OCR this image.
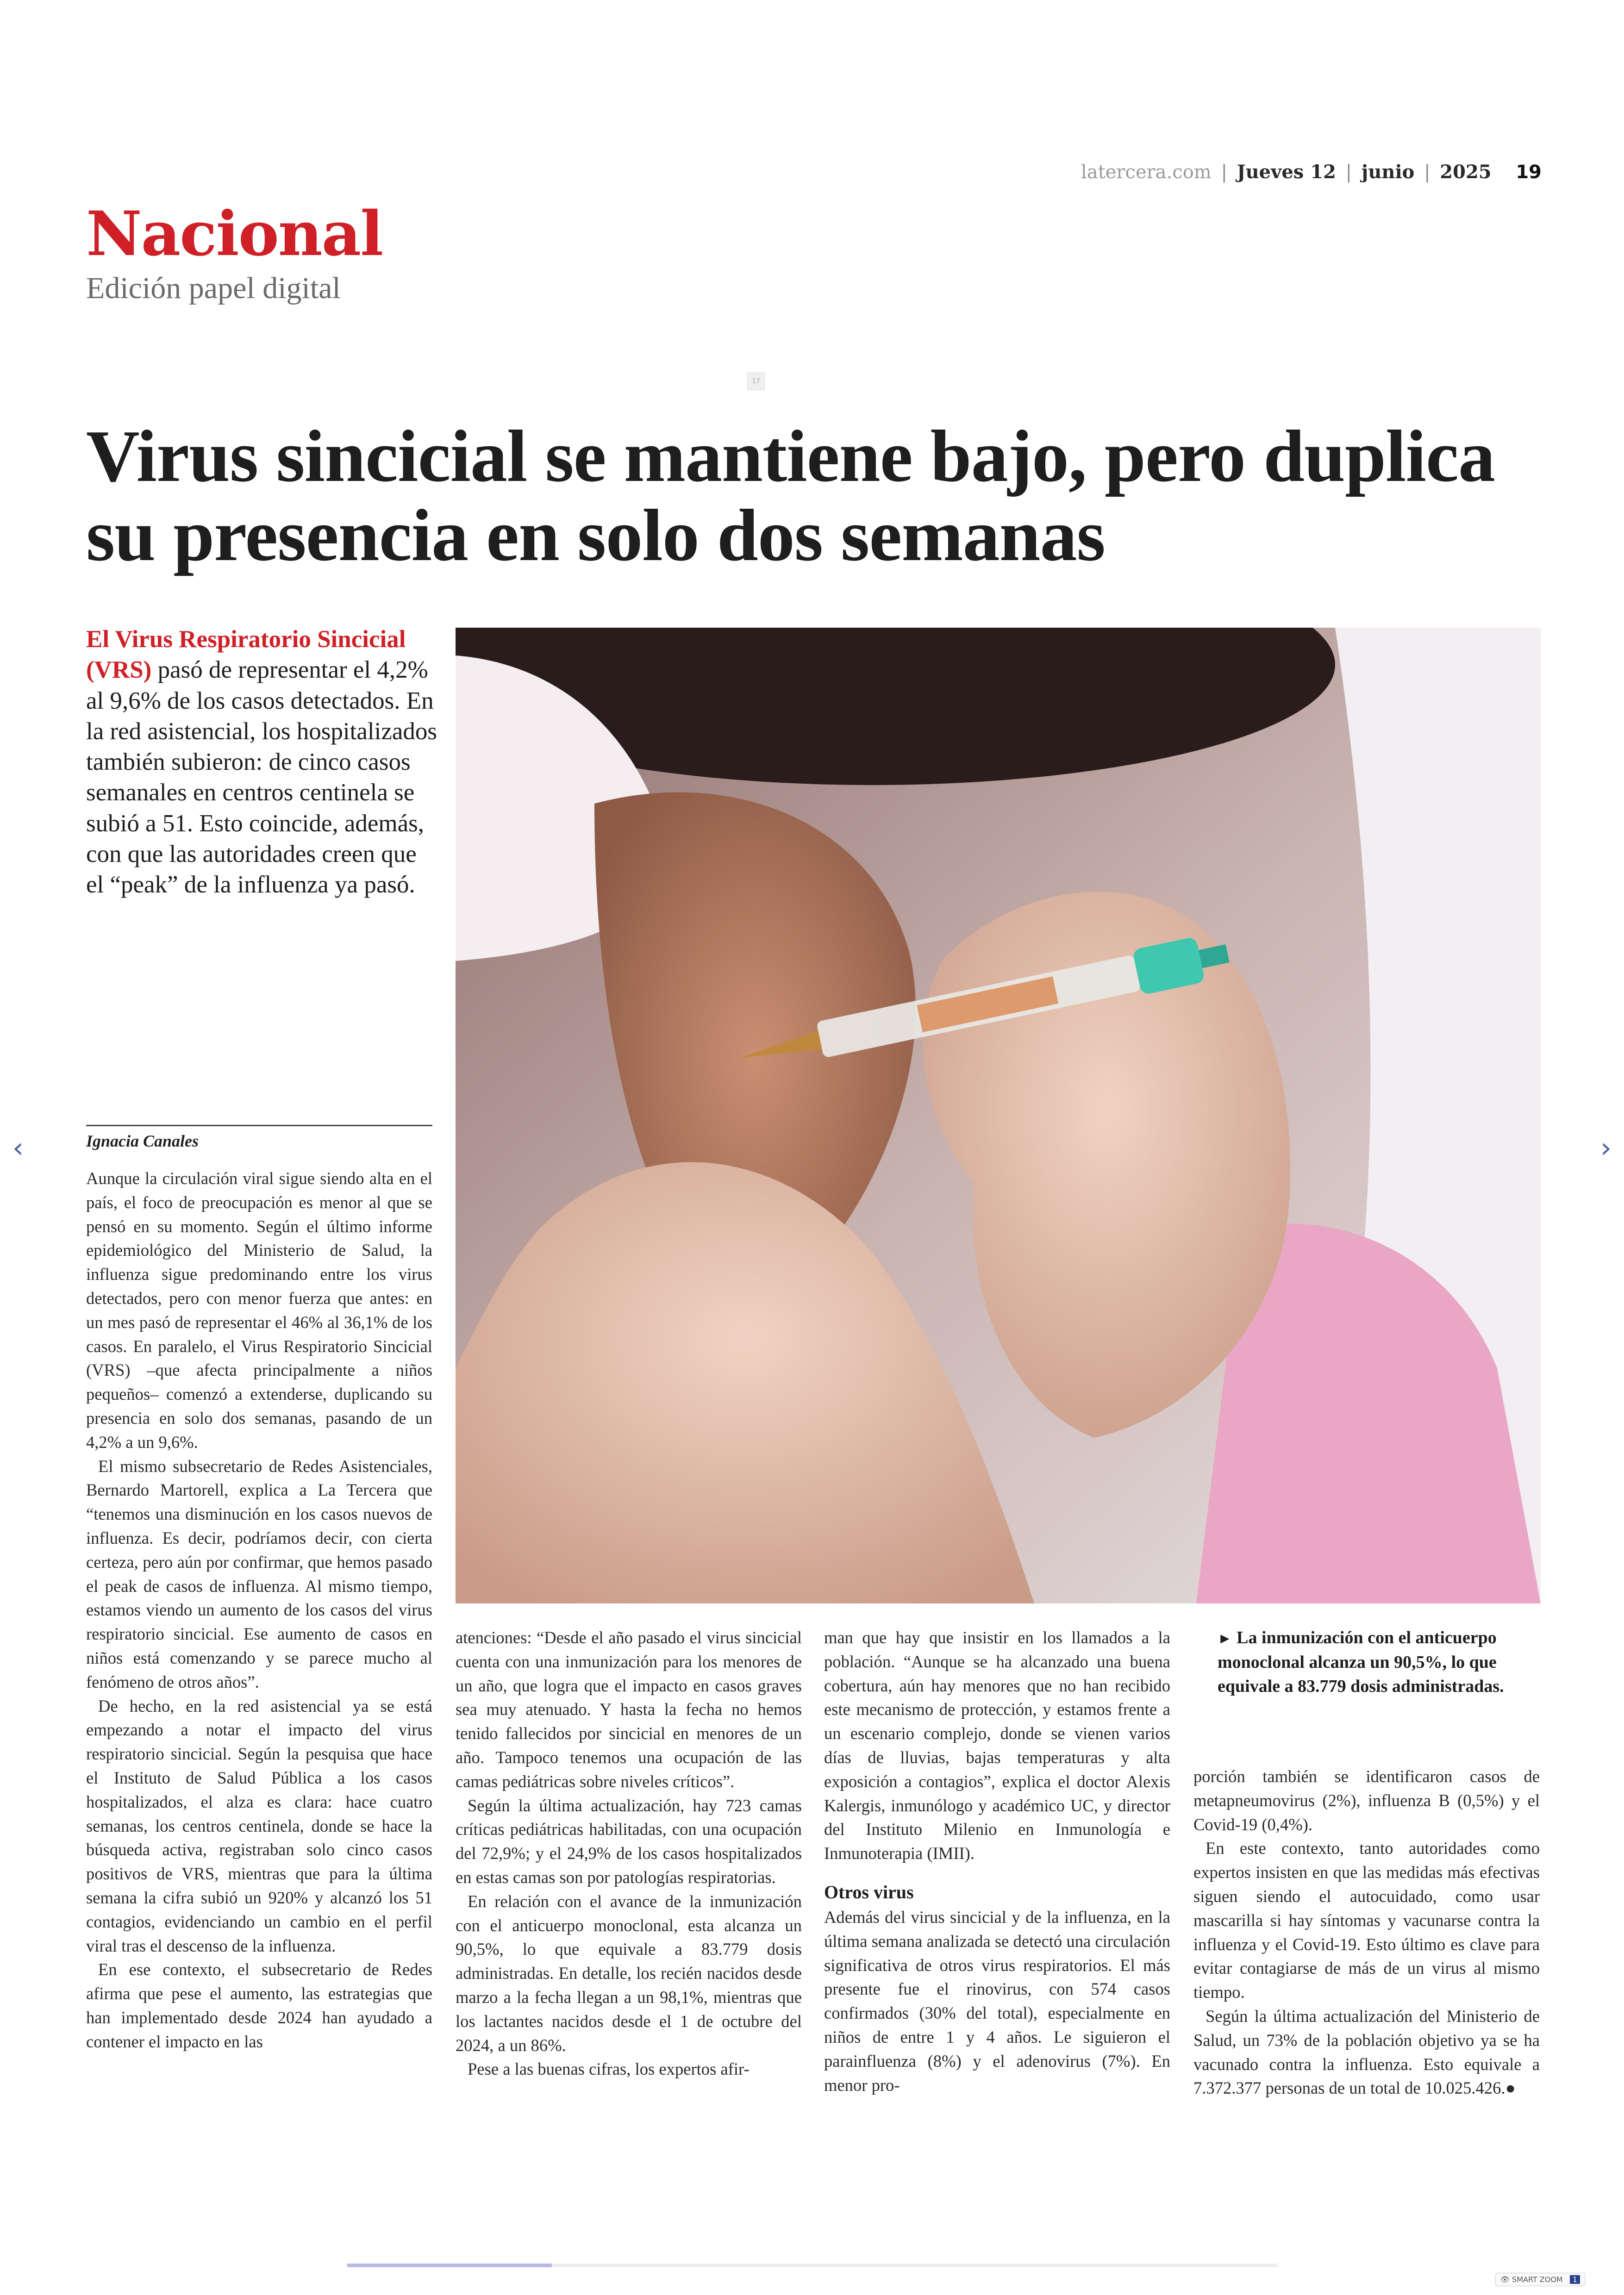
latercera.com | Jueves 12 | junio | 2025 19
Nacional
Edición papel digital
17
Virus sincicial se mantiene bajo, pero duplica su presencia en solo dos semanas
El Virus Respiratorio Sincicial (VRS) pasó de representar el 4,2% al 9,6% de los casos detectados. En la red asistencial, los hospitalizados también subieron: de cinco casos semanales en centros centinela se subió a 51. Esto coincide, además, con que las autoridades creen que el “peak” de la influenza ya pasó.
Ignacia Canales

Aunque la circulación viral sigue siendo alta en el país, el foco de preocupación es menor al que se pensó en su momento. Según el último informe epidemiológico del Ministerio de Salud, la influenza sigue predominando entre los virus detectados, pero con menor fuerza que antes: en un mes pasó de representar el 46% al 36,1% de los casos. En paralelo, el Virus Respiratorio Sincicial (VRS) –que afecta principalmente a niños pequeños– comenzó a extenderse, duplicando su presencia en solo dos semanas, pasando de un 4,2% a un 9,6%.

El mismo subsecretario de Redes Asistenciales, Bernardo Martorell, explica a La Tercera que “tenemos una disminución en los casos nuevos de influenza. Es decir, podríamos decir, con cierta certeza, pero aún por confirmar, que hemos pasado el peak de casos de influenza. Al mismo tiempo, estamos viendo un aumento de los casos del virus respiratorio sincicial. Ese aumento de casos en niños está comenzando y se parece mucho al fenómeno de otros años”.

De hecho, en la red asistencial ya se está empezando a notar el impacto del virus respiratorio sincicial. Según la pesquisa que hace el Instituto de Salud Pública a los casos hospitalizados, el alza es clara: hace cuatro semanas, los centros centinela, donde se hace la búsqueda activa, registraban solo cinco casos positivos de VRS, mientras que para la última semana la cifra subió un 920% y alcanzó los 51 contagios, evidenciando un cambio en el perfil viral tras el descenso de la influenza.

En ese contexto, el subsecretario de Redes afirma que pese el aumento, las estrategias que han implementado desde 2024 han ayudado a contener el impacto en las

atenciones: “Desde el año pasado el virus sincicial cuenta con una inmunización para los menores de un año, que logra que el impacto en casos graves sea muy atenuado. Y hasta la fecha no hemos tenido fallecidos por sincicial en menores de un año. Tampoco tenemos una ocupación de las camas pediátricas sobre niveles críticos”.

Según la última actualización, hay 723 camas críticas pediátricas habilitadas, con una ocupación del 72,9%; y el 24,9% de los casos hospitalizados en estas camas son por patologías respiratorias.

En relación con el avance de la inmunización con el anticuerpo monoclonal, esta alcanza un 90,5%, lo que equivale a 83.779 dosis administradas. En detalle, los recién nacidos desde marzo a la fecha llegan a un 98,1%, mientras que los lactantes nacidos desde el 1 de octubre del 2024, a un 86%.

Pese a las buenas cifras, los expertos afir-

man que hay que insistir en los llamados a la población. “Aunque se ha alcanzado una buena cobertura, aún hay menores que no han recibido este mecanismo de protección, y estamos frente a un escenario complejo, donde se vienen varios días de lluvias, bajas temperaturas y alta exposición a contagios”, explica el doctor Alexis Kalergis, inmunólogo y académico UC, y director del Instituto Milenio en Inmunología e Inmunoterapia (IMII).

Otros virus

Además del virus sincicial y de la influenza, en la última semana analizada se detectó una circulación significativa de otros virus respiratorios. El más presente fue el rinovirus, con 574 casos confirmados (30% del total), especialmente en niños de entre 1 y 4 años. Le siguieron el parainfluenza (8%) y el adenovirus (7%). En menor pro-

► La inmunización con el anticuerpo monoclonal alcanza un 90,5%, lo que equivale a 83.779 dosis administradas.

porción también se identificaron casos de metapneumovirus (2%), influenza B (0,5%) y el Covid-19 (0,4%).

En este contexto, tanto autoridades como expertos insisten en que las medidas más efectivas siguen siendo el autocuidado, como usar mascarilla si hay síntomas y vacunarse contra la influenza y el Covid-19. Esto último es clave para evitar contagiarse de más de un virus al mismo tiempo.

Según la última actualización del Ministerio de Salud, un 73% de la población objetivo ya se ha vacunado contra la influenza. Esto equivale a 7.372.377 personas de un total de 10.025.426.●

‹	›
👁 SMART ZOOM 1
